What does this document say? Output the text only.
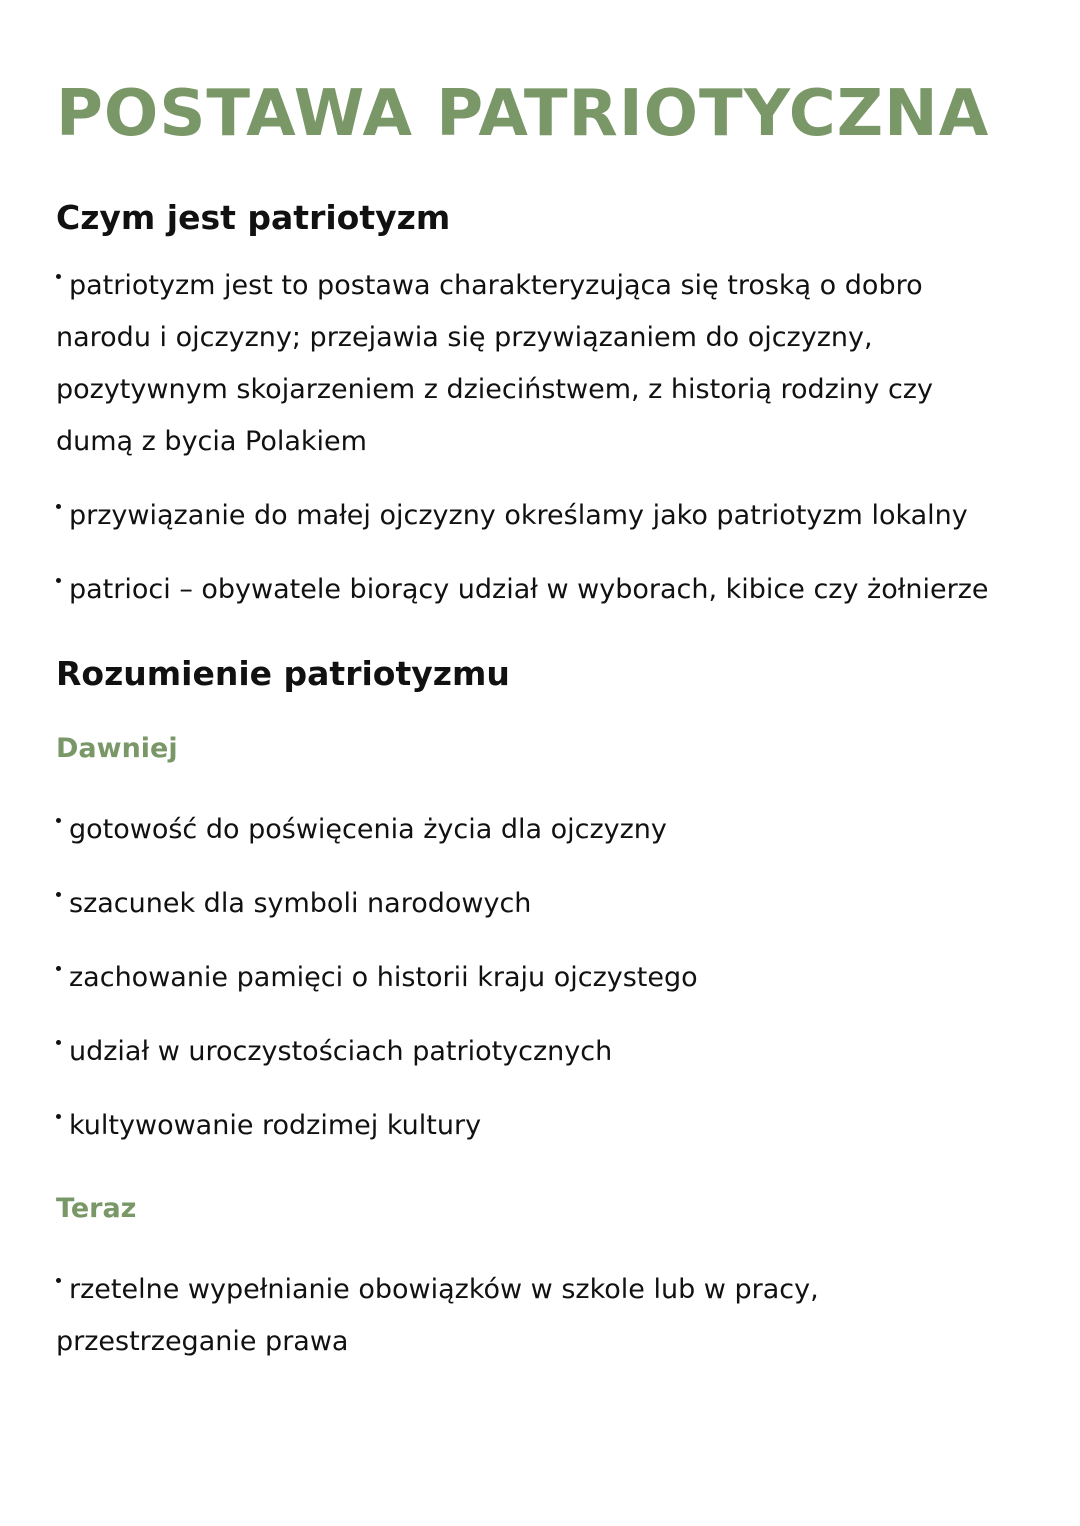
POSTAWA PATRIOTYCZNA
Czym jest patriotyzm

patriotyzm jest to postawa charakteryzująca się troską o dobro narodu i ojczyzny; przejawia się przywiązaniem do ojczyzny, pozytywnym skojarzeniem z dzieciństwem, z historią rodziny czy dumą z bycia Polakiem

przywiązanie do małej ojczyzny określamy jako patriotyzm lokalny

patrioci – obywatele biorący udział w wyborach, kibice czy żołnierze

Rozumienie patriotyzmu
Dawniej

gotowość do poświęcenia życia dla ojczyzny

szacunek dla symboli narodowych

zachowanie pamięci o historii kraju ojczystego

udział w uroczystościach patriotycznych

kultywowanie rodzimej kultury

Teraz

rzetelne wypełnianie obowiązków w szkole lub w pracy, przestrzeganie prawa
